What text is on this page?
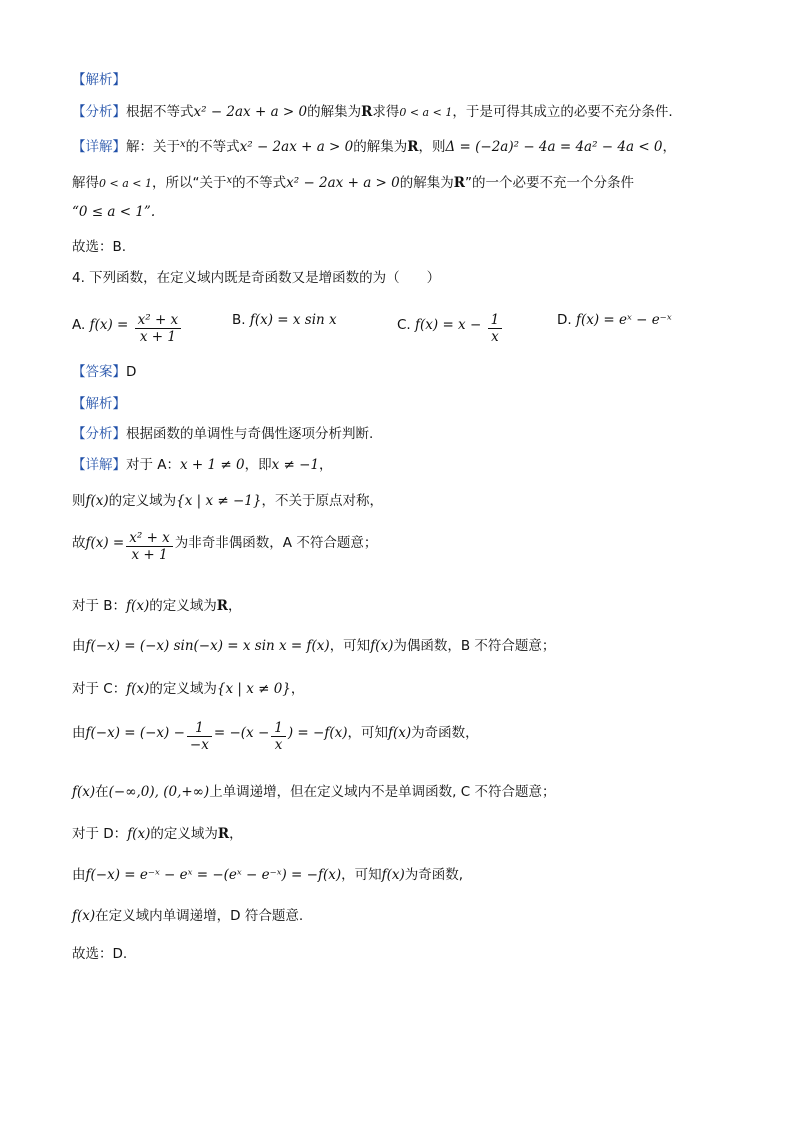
【解析】
【分析】根据不等式x² − 2ax + a > 0的解集为R求得0 < a < 1，于是可得其成立的必要不充分条件.
【详解】解：关于$^x$的不等式x² − 2ax + a > 0的解集为R，则Δ = (−2a)² − 4a = 4a² − 4a < 0，
解得0 < a < 1，所以“关于$^x$的不等式x² − 2ax + a > 0的解集为R”的一个必要不充一个分条件
“0 ≤ a < 1”.
故选：B.
4. 下列函数，在定义域内既是奇函数又是增函数的为（　　）
A. $f(x) = \frac{\text{x² + x}}{x + 1}$	B. f(x) = x sin x	C. $f(x) = x - \frac{1}{x}$	D. f(x) = eˣ − e⁻ˣ
【答案】D
【解析】
【分析】根据函数的单调性与奇偶性逐项分析判断.
【详解】对于 A：x + 1 ≠ 0，即x ≠ −1，
则f(x)的定义域为{x | x ≠ −1}，不关于原点对称，
故$f(x) = \frac{\text{x² + x}}{x + 1}$ 为非奇非偶函数，A 不符合题意；
对于 B：f(x)的定义域为R，
由f(−x) = (−x) sin(−x) = x sin x = f(x)，可知f(x)为偶函数，B 不符合题意；
对于 C：f(x)的定义域为{x | x ≠ 0}，
由$f(-x) = (-x) - \frac{1}{-x} = -(x - \frac{1}{x}$ ) = −f(x)，可知f(x)为奇函数，
f(x)在(−∞,0), (0,+∞)上单调递增，但在定义域内不是单调函数, C 不符合题意；
对于 D：f(x)的定义域为R，
由f(−x) = e⁻ˣ − eˣ = −(eˣ − e⁻ˣ) = −f(x)，可知f(x)为奇函数,
f(x)在定义域内单调递增，D 符合题意.
故选：D.
